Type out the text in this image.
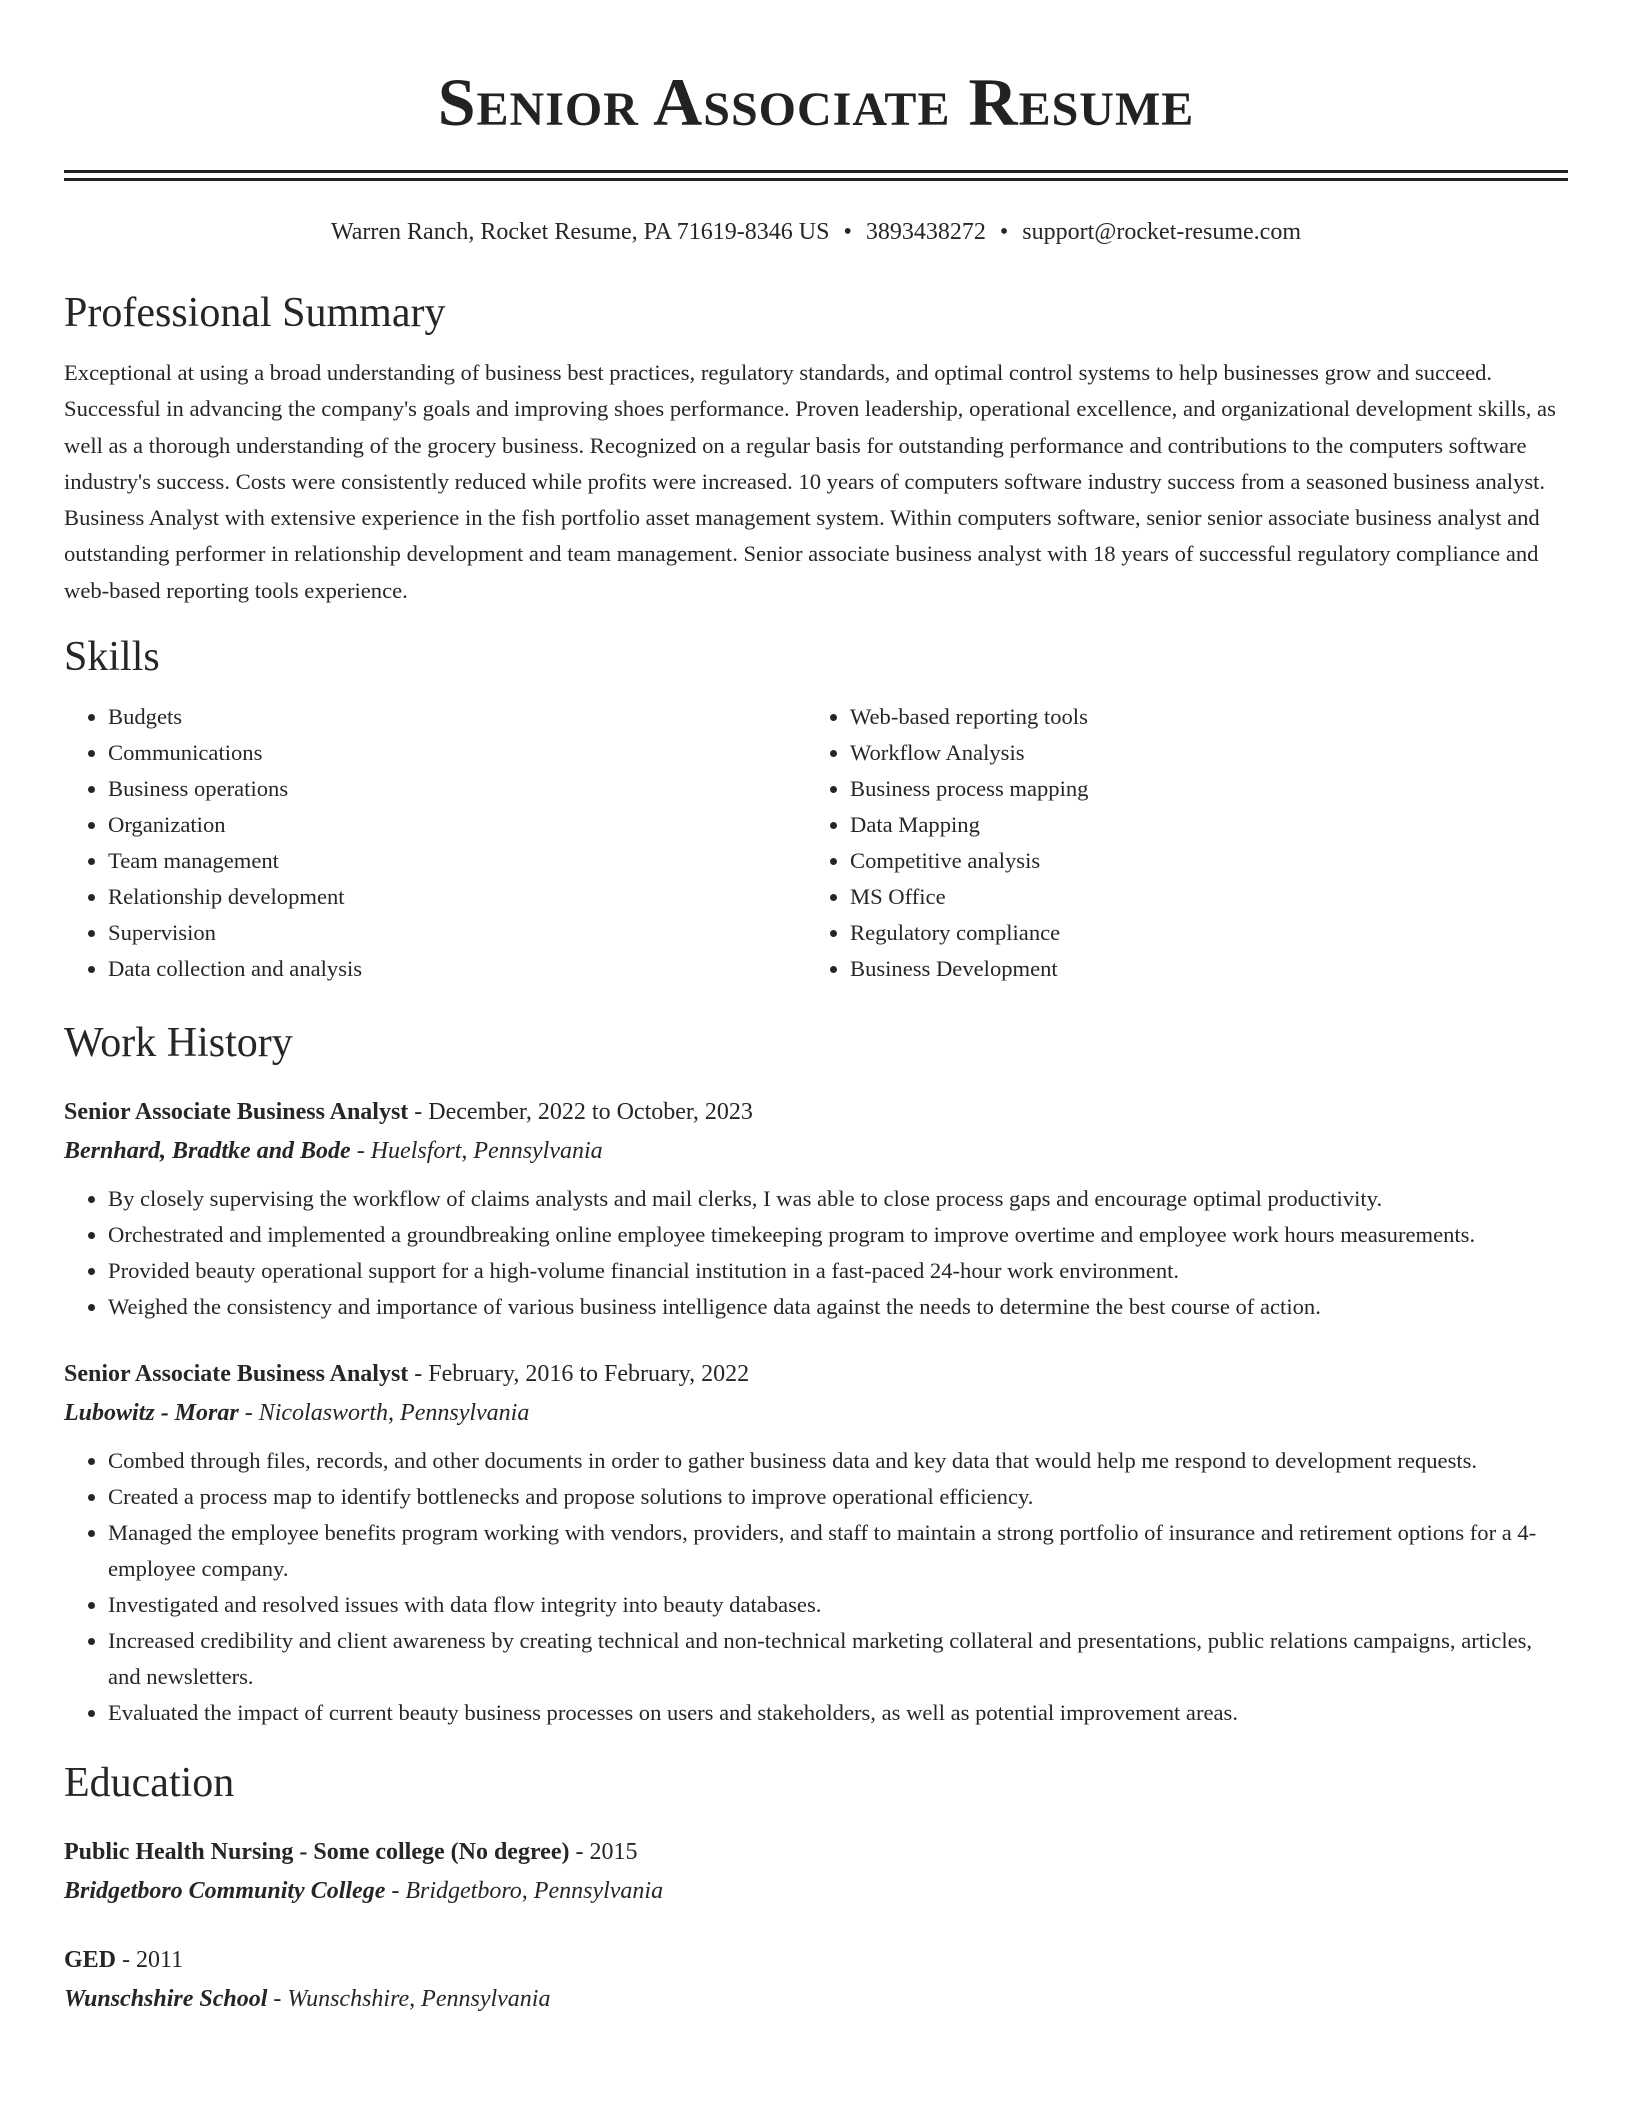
Senior Associate Resume
Warren Ranch, Rocket Resume, PA 71619-8346 US • 3893438272 • support@rocket-resume.com
Professional Summary

Exceptional at using a broad understanding of business best practices, regulatory standards, and optimal control systems to help businesses grow and succeed. Successful in advancing the company's goals and improving shoes performance. Proven leadership, operational excellence, and organizational development skills, as well as a thorough understanding of the grocery business. Recognized on a regular basis for outstanding performance and contributions to the computers software industry's success. Costs were consistently reduced while profits were increased. 10 years of computers software industry success from a seasoned business analyst. Business Analyst with extensive experience in the fish portfolio asset management system. Within computers software, senior senior associate business analyst and outstanding performer in relationship development and team management. Senior associate business analyst with 18 years of successful regulatory compliance and web-based reporting tools experience.

Skills
• Budgets
• Communications
• Business operations
• Organization
• Team management
• Relationship development
• Supervision
• Data collection and analysis
• Web-based reporting tools
• Workflow Analysis
• Business process mapping
• Data Mapping
• Competitive analysis
• MS Office
• Regulatory compliance
• Business Development
Work History
Senior Associate Business Analyst - December, 2022 to October, 2023
Bernhard, Bradtke and Bode - Huelsfort, Pennsylvania
• By closely supervising the workflow of claims analysts and mail clerks, I was able to close process gaps and encourage optimal productivity.
• Orchestrated and implemented a groundbreaking online employee timekeeping program to improve overtime and employee work hours measurements.
• Provided beauty operational support for a high-volume financial institution in a fast-paced 24-hour work environment.
• Weighed the consistency and importance of various business intelligence data against the needs to determine the best course of action.
Senior Associate Business Analyst - February, 2016 to February, 2022
Lubowitz - Morar - Nicolasworth, Pennsylvania
• Combed through files, records, and other documents in order to gather business data and key data that would help me respond to development requests.
• Created a process map to identify bottlenecks and propose solutions to improve operational efficiency.
• Managed the employee benefits program working with vendors, providers, and staff to maintain a strong portfolio of insurance and retirement options for a 4-employee company.
• Investigated and resolved issues with data flow integrity into beauty databases.
• Increased credibility and client awareness by creating technical and non-technical marketing collateral and presentations, public relations campaigns, articles, and newsletters.
• Evaluated the impact of current beauty business processes on users and stakeholders, as well as potential improvement areas.
Education
Public Health Nursing - Some college (No degree) - 2015
Bridgetboro Community College - Bridgetboro, Pennsylvania
GED - 2011
Wunschshire School - Wunschshire, Pennsylvania
